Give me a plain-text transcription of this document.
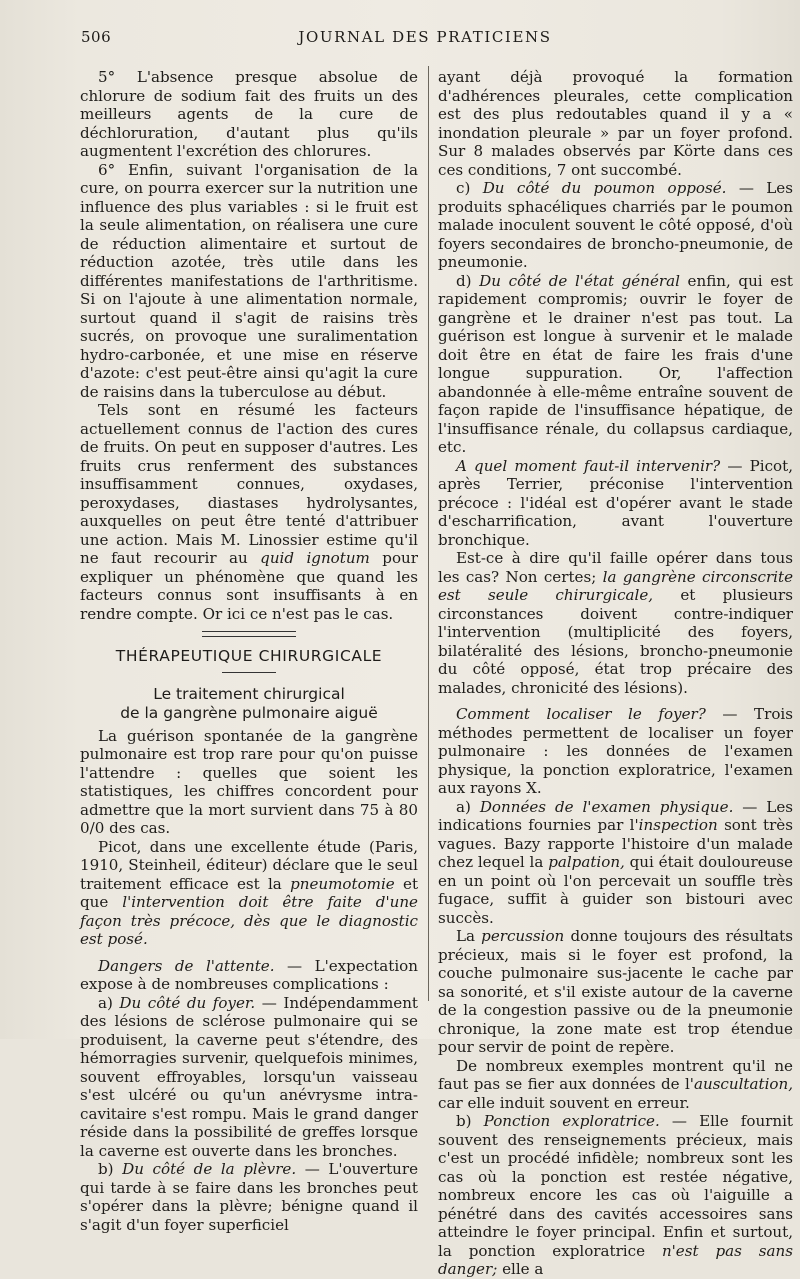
506	JOURNAL DES PRATICIENS

5° L'absence presque absolue de chlorure de sodium fait des fruits un des meilleurs agents de la cure de déchloruration, d'autant plus qu'ils augmentent l'excrétion des chlorures.

6° Enfin, suivant l'organisation de la cure, on pourra exercer sur la nutrition une influence des plus variables : si le fruit est la seule alimentation, on réalisera une cure de réduction alimentaire et surtout de réduction azotée, très utile dans les différentes manifestations de l'arthritisme. Si on l'ajoute à une alimentation normale, surtout quand il s'agit de raisins très sucrés, on provoque une suralimentation hydro-carbonée, et une mise en réserve d'azote: c'est peut-être ainsi qu'agit la cure de raisins dans la tuberculose au début.

Tels sont en résumé les facteurs actuellement connus de l'action des cures de fruits. On peut en supposer d'autres. Les fruits crus renferment des substances insuffisamment connues, oxydases, peroxydases, diastases hydrolysantes, auxquelles on peut être tenté d'attribuer une action. Mais M. Linossier estime qu'il ne faut recourir au quid ignotum pour expliquer un phénomène que quand les facteurs connus sont insuffisants à en rendre compte. Or ici ce n'est pas le cas.

THÉRAPEUTIQUE CHIRURGICALE
Le traitement chirurgical
de la gangrène pulmonaire aiguë

La guérison spontanée de la gangrène pulmonaire est trop rare pour qu'on puisse l'attendre : quelles que soient les statistiques, les chiffres concordent pour admettre que la mort survient dans 75 à 80 0/0 des cas.

Picot, dans une excellente étude (Paris, 1910, Steinheil, éditeur) déclare que le seul traitement efficace est la pneumotomie et que l'intervention doit être faite d'une façon très précoce, dès que le diagnostic est posé.

Dangers de l'attente. — L'expectation expose à de nombreuses complications :

a) Du côté du foyer. — Indépendamment des lésions de sclérose pulmonaire qui se produisent, la caverne peut s'étendre, des hémorragies survenir, quelquefois minimes, souvent effroyables, lorsqu'un vaisseau s'est ulcéré ou qu'un anévrysme intra-cavitaire s'est rompu. Mais le grand danger réside dans la possibilité de greffes lorsque la caverne est ouverte dans les bronches.

b) Du côté de la plèvre. — L'ouverture qui tarde à se faire dans les bronches peut s'opérer dans la plèvre; bénigne quand il s'agit d'un foyer superficiel

ayant déjà provoqué la formation d'adhérences pleurales, cette complication est des plus redoutables quand il y a « inondation pleurale » par un foyer profond. Sur 8 malades observés par Körte dans ces ces conditions, 7 ont succombé.

c) Du côté du poumon opposé. — Les produits sphacéliques charriés par le poumon malade inoculent souvent le côté opposé, d'où foyers secondaires de broncho-pneumonie, de pneumonie.

d) Du côté de l'état général enfin, qui est rapidement compromis; ouvrir le foyer de gangrène et le drainer n'est pas tout. La guérison est longue à survenir et le malade doit être en état de faire les frais d'une longue suppuration. Or, l'affection abandonnée à elle-même entraîne souvent de façon rapide de l'insuffisance hépatique, de l'insuffisance rénale, du collapsus cardiaque, etc.

A quel moment faut-il intervenir? — Picot, après Terrier, préconise l'intervention précoce : l'idéal est d'opérer avant le stade d'escharrification, avant l'ouverture bronchique.

Est-ce à dire qu'il faille opérer dans tous les cas? Non certes; la gangrène circonscrite est seule chirurgicale, et plusieurs circonstances doivent contre-indiquer l'intervention (multiplicité des foyers, bilatéralité des lésions, broncho-pneumonie du côté opposé, état trop précaire des malades, chronicité des lésions).

Comment localiser le foyer? — Trois méthodes permettent de localiser un foyer pulmonaire : les données de l'examen physique, la ponction exploratrice, l'examen aux rayons X.

a) Données de l'examen physique. — Les indications fournies par l'inspection sont très vagues. Bazy rapporte l'histoire d'un malade chez lequel la palpation, qui était douloureuse en un point où l'on percevait un souffle très fugace, suffit à guider son bistouri avec succès.

La percussion donne toujours des résultats précieux, mais si le foyer est profond, la couche pulmonaire sus-jacente le cache par sa sonorité, et s'il existe autour de la caverne de la congestion passive ou de la pneumonie chronique, la zone mate est trop étendue pour servir de point de repère.

De nombreux exemples montrent qu'il ne faut pas se fier aux données de l'auscultation, car elle induit souvent en erreur.

b) Ponction exploratrice. — Elle fournit souvent des renseignements précieux, mais c'est un procédé infidèle; nombreux sont les cas où la ponction est restée négative, nombreux encore les cas où l'aiguille a pénétré dans des cavités accessoires sans atteindre le foyer principal. Enfin et surtout, la ponction exploratrice n'est pas sans danger; elle a
